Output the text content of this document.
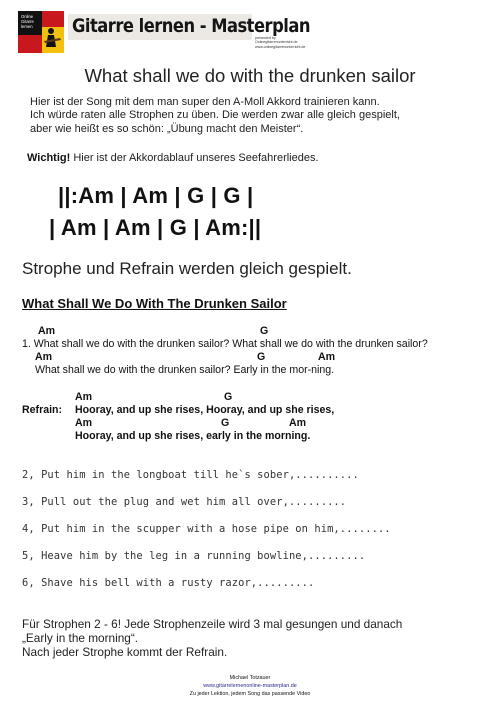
Online
Gitarre
lernen Gitarre lernen - Masterplan
presented by
Onlinegitarrenunterricht.de
www.onlinegitarrenunterricht.de
What shall we do with the drunken sailor
Hier ist der Song mit dem man super den A-Moll Akkord trainieren kann.
Ich würde raten alle Strophen zu üben. Die werden zwar alle gleich gespielt,
aber wie heißt es so schön: „Übung macht den Meister“.
Wichtig! Hier ist der Akkordablauf unseres Seefahrerliedes.
||:Am | Am | G | G |
| Am | Am | G | Am:||
Strophe und Refrain werden gleich gespielt.
What Shall We Do With The Drunken Sailor
Am	G
1. What shall we do with the drunken sailor? What shall we do with the drunken sailor?
Am	G	Am
What shall we do with the drunken sailor? Early in the mor-ning.
Am	G
Refrain: Hooray, and up she rises, Hooray, and up she rises,
Am	G	Am
Hooray, and up she rises, early in the morning.
2, Put him in the longboat till he`s sober,..........
3, Pull out the plug and wet him all over,.........
4, Put him in the scupper with a hose pipe on him,........
5, Heave him by the leg in a running bowline,.........
6, Shave his bell with a rusty razor,.........
Für Strophen 2 - 6! Jede Strophenzeile wird 3 mal gesungen und danach
„Early in the morning“.
Nach jeder Strophe kommt der Refrain.
Michael Totzauer
www.gitarrelernenonline-masterplan.de
Zu jeder Lektion, jedem Song das passende Video
